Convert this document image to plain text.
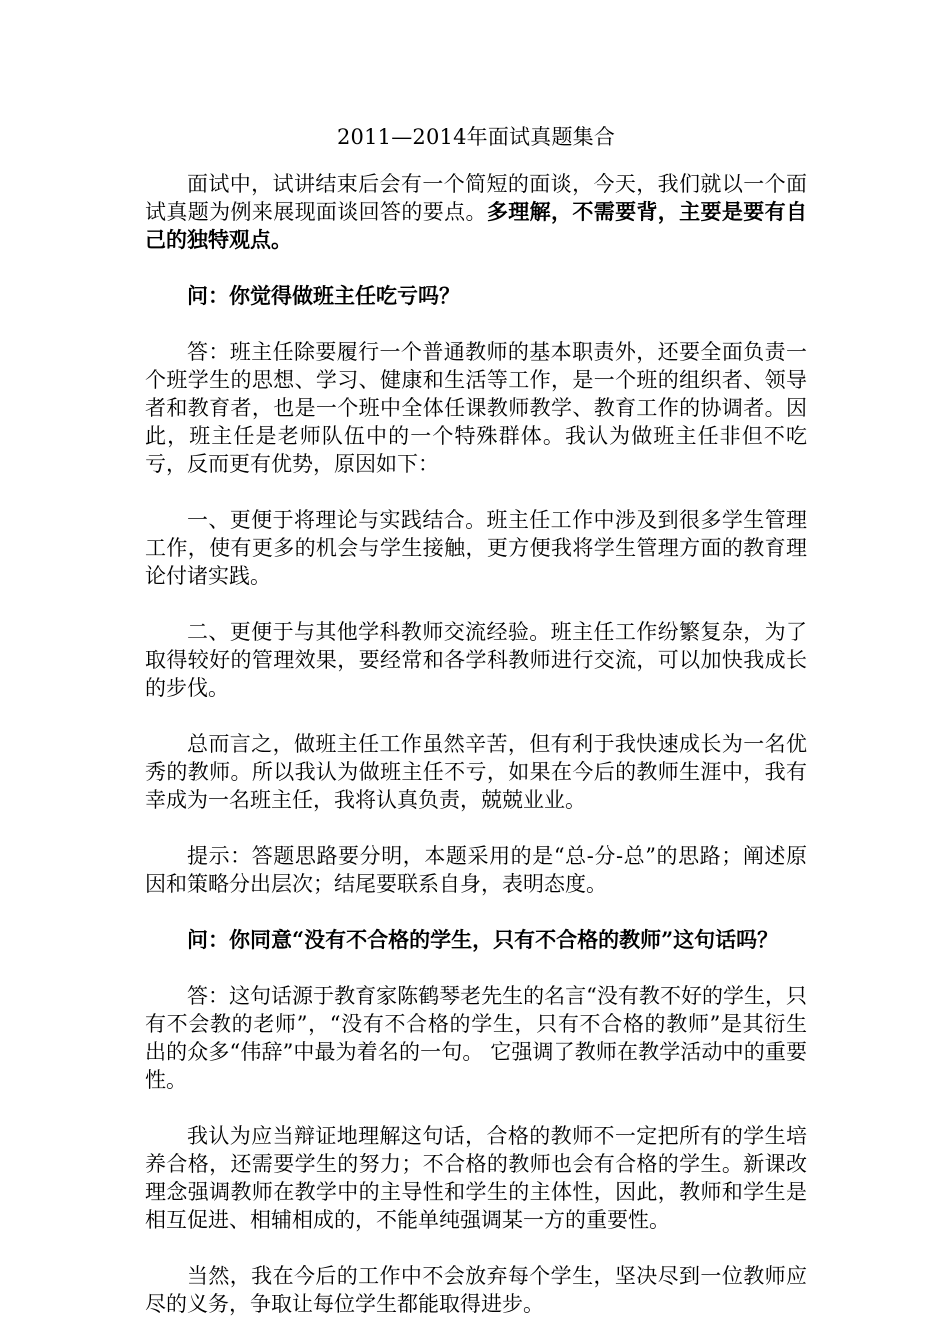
2011—2014年面试真题集合

面试中，试讲结束后会有一个简短的面谈，今天，我们就以一个面试真题为例来展现面谈回答的要点。多理解，不需要背，主要是要有自己的独特观点。

问：你觉得做班主任吃亏吗？

答：班主任除要履行一个普通教师的基本职责外，还要全面负责一个班学生的思想、学习、健康和生活等工作，是一个班的组织者、领导者和教育者，也是一个班中全体任课教师教学、教育工作的协调者。因此，班主任是老师队伍中的一个特殊群体。我认为做班主任非但不吃亏，反而更有优势，原因如下：

一、更便于将理论与实践结合。班主任工作中涉及到很多学生管理工作，使有更多的机会与学生接触，更方便我将学生管理方面的教育理论付诸实践。

二、更便于与其他学科教师交流经验。班主任工作纷繁复杂，为了取得较好的管理效果，要经常和各学科教师进行交流，可以加快我成长的步伐。

总而言之，做班主任工作虽然辛苦，但有利于我快速成长为一名优秀的教师。所以我认为做班主任不亏，如果在今后的教师生涯中，我有幸成为一名班主任，我将认真负责，兢兢业业。

提示：答题思路要分明，本题采用的是“总-分-总”的思路；阐述原因和策略分出层次；结尾要联系自身，表明态度。

问：你同意“没有不合格的学生，只有不合格的教师”这句话吗？

答：这句话源于教育家陈鹤琴老先生的名言“没有教不好的学生，只有不会教的老师”，“没有不合格的学生，只有不合格的教师”是其衍生出的众多“伟辞”中最为着名的一句。 它强调了教师在教学活动中的重要性。

我认为应当辩证地理解这句话，合格的教师不一定把所有的学生培养合格，还需要学生的努力；不合格的教师也会有合格的学生。新课改理念强调教师在教学中的主导性和学生的主体性，因此，教师和学生是相互促进、相辅相成的，不能单纯强调某一方的重要性。

当然，我在今后的工作中不会放弃每个学生，坚决尽到一位教师应尽的义务，争取让每位学生都能取得进步。
